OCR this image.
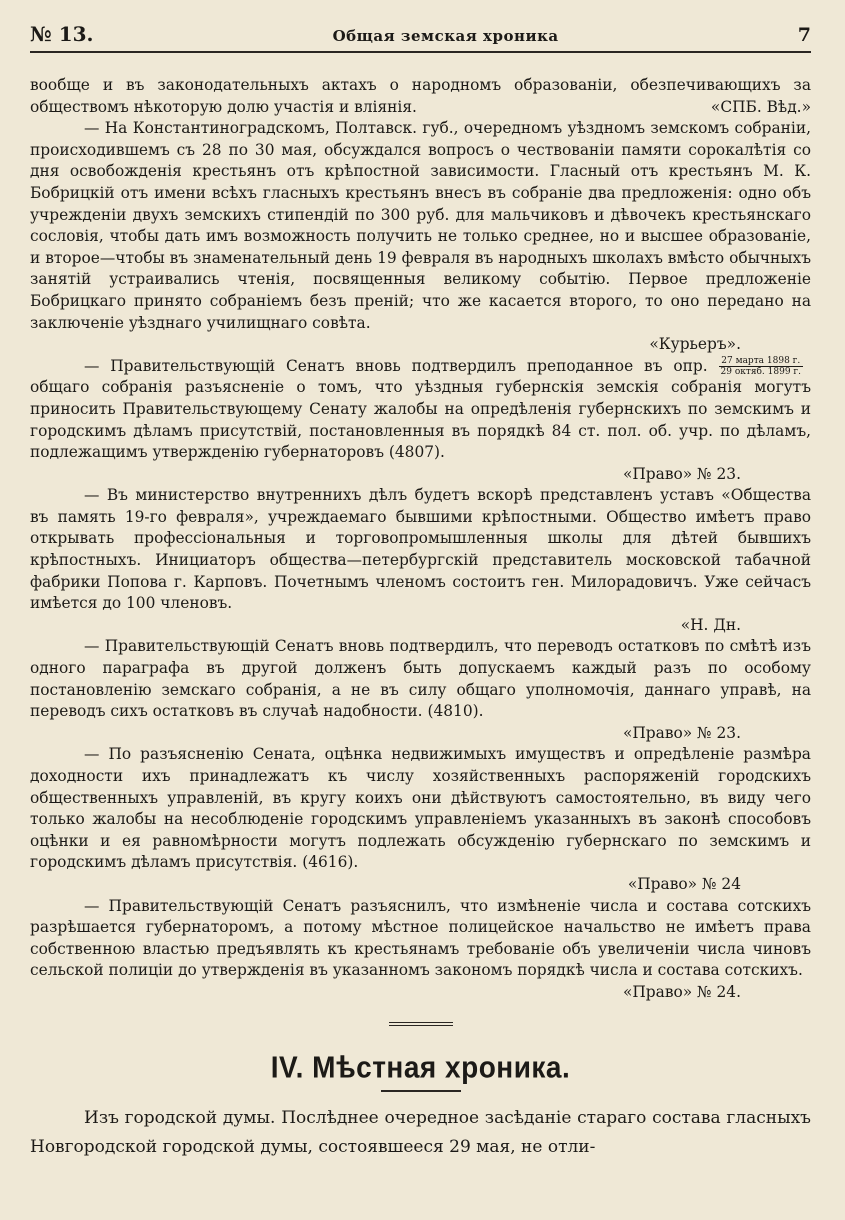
№ 13.	Общая земская хроника	7

вообще и въ законодательныхъ актахъ о народномъ образованiи, обезпечивающихъ за обществомъ нѣкоторую долю участiя и влiянiя.	«СПБ. Вѣд.»

— На Константиноградскомъ, Полтавск. губ., очередномъ уѣздномъ земскомъ собранiи, происходившемъ съ 28 по 30 мая, обсуждался вопросъ о чествованiи памяти сорокалѣтiя со дня освобожденiя крестьянъ отъ крѣпостной зависимости. Гласный отъ крестьянъ М. К. Бобрицкiй отъ имени всѣхъ гласныхъ крестьянъ внесъ въ собранiе два предложенiя: одно объ учрежденiи двухъ земскихъ стипендiй по 300 руб. для мальчиковъ и дѣвочекъ крестьянскаго сословiя, чтобы дать имъ возможность получить не только среднее, но и высшее образованiе, и второе—чтобы въ знаменательный день 19 февраля въ народныхъ школахъ вмѣсто обычныхъ занятiй устраивались чтенiя, посвященныя великому событiю. Первое предложенiе Бобрицкаго принято собранiемъ безъ пренiй; что же касается второго, то оно передано на заключенiе уѣзднаго училищнаго совѣта.

«Курьеръ».

— Правительствующiй Сенатъ вновь подтвердилъ преподанное въ опр. $\frac{\text{27 марта 1898 г.}}{\text{29 октяб. 1899 г.}}$
общаго собранiя разъясненiе о томъ, что уѣздныя губернскiя земскiя собранiя могутъ приносить Правительствующему Сенату жалобы на опредѣленiя губернскихъ по земскимъ и городскимъ дѣламъ присутствiй, постановленныя въ порядкѣ 84 ст. пол. об. учр. по дѣламъ, подлежащимъ утвержденiю губернаторовъ (4807).

«Право» № 23.

— Въ министерство внутреннихъ дѣлъ будетъ вскорѣ представленъ уставъ «Общества въ память 19-го февраля», учреждаемаго бывшими крѣпостными. Общество имѣетъ право открывать профессiональныя и торговопромышленныя школы для дѣтей бывшихъ крѣпостныхъ. Инициаторъ общества—петербургскiй представитель московской табачной фабрики Попова г. Карповъ. Почетнымъ членомъ состоитъ ген. Милорадовичъ. Уже сейчасъ имѣется до 100 членовъ.

«Н. Дн.

— Правительствующiй Сенатъ вновь подтвердилъ, что переводъ остатковъ по смѣтѣ изъ одного параграфа въ другой долженъ быть допускаемъ каждый разъ по особому постановленiю земскаго собранiя, а не въ силу общаго уполномочiя, даннаго управѣ, на переводъ сихъ остатковъ въ случаѣ надобности. (4810).

«Право» № 23.

— По разъясненiю Сената, оцѣнка недвижимыхъ имуществъ и опредѣленiе размѣра доходности ихъ принадлежатъ къ числу хозяйственныхъ распоряженiй городскихъ общественныхъ управленiй, въ кругу коихъ они дѣйствуютъ самостоятельно, въ виду чего только жалобы на несоблюденiе городскимъ управленiемъ указанныхъ въ законѣ способовъ оцѣнки и ея равномѣрности могутъ подлежать обсужденiю губернскаго по земскимъ и городскимъ дѣламъ присутствiя. (4616).

«Право» № 24

— Правительствующiй Сенатъ разъяснилъ, что измѣненiе числа и состава сотскихъ разрѣшается губернаторомъ, а потому мѣстное полицейское начальство не имѣетъ права собственною властью предъявлять къ крестьянамъ требованiе объ увеличенiи числа чиновъ сельской полицiи до утвержденiя въ указанномъ закономъ порядкѣ числа и состава сотскихъ.

«Право» № 24.

IV. Мѣстная хроника.

Изъ городской думы. Послѣднее очередное засѣданiе стараго состава гласныхъ Новгородской городской думы, состоявшееся 29 мая, не отли-
